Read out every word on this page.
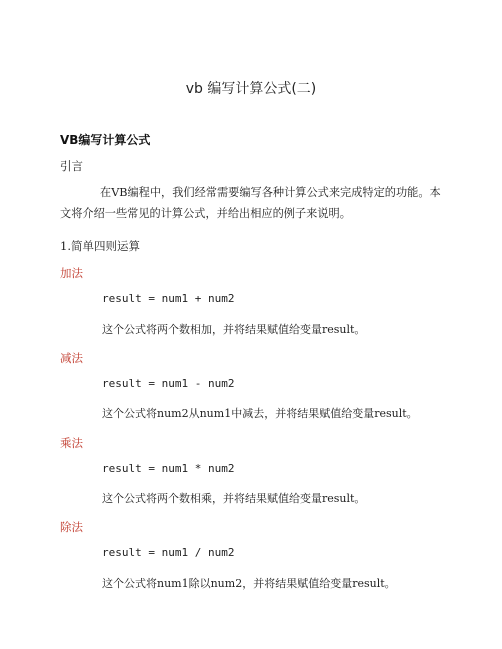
vb 编写计算公式(二)
VB编写计算公式
引言
在VB编程中，我们经常需要编写各种计算公式来完成特定的功能。本文将介绍一些常见的计算公式，并给出相应的例子来说明。
1.简单四则运算
加法
result = num1 + num2
这个公式将两个数相加，并将结果赋值给变量result。
减法
result = num1 - num2
这个公式将num2从num1中减去，并将结果赋值给变量result。
乘法
result = num1 * num2
这个公式将两个数相乘，并将结果赋值给变量result。
除法
result = num1 / num2
这个公式将num1除以num2，并将结果赋值给变量result。
